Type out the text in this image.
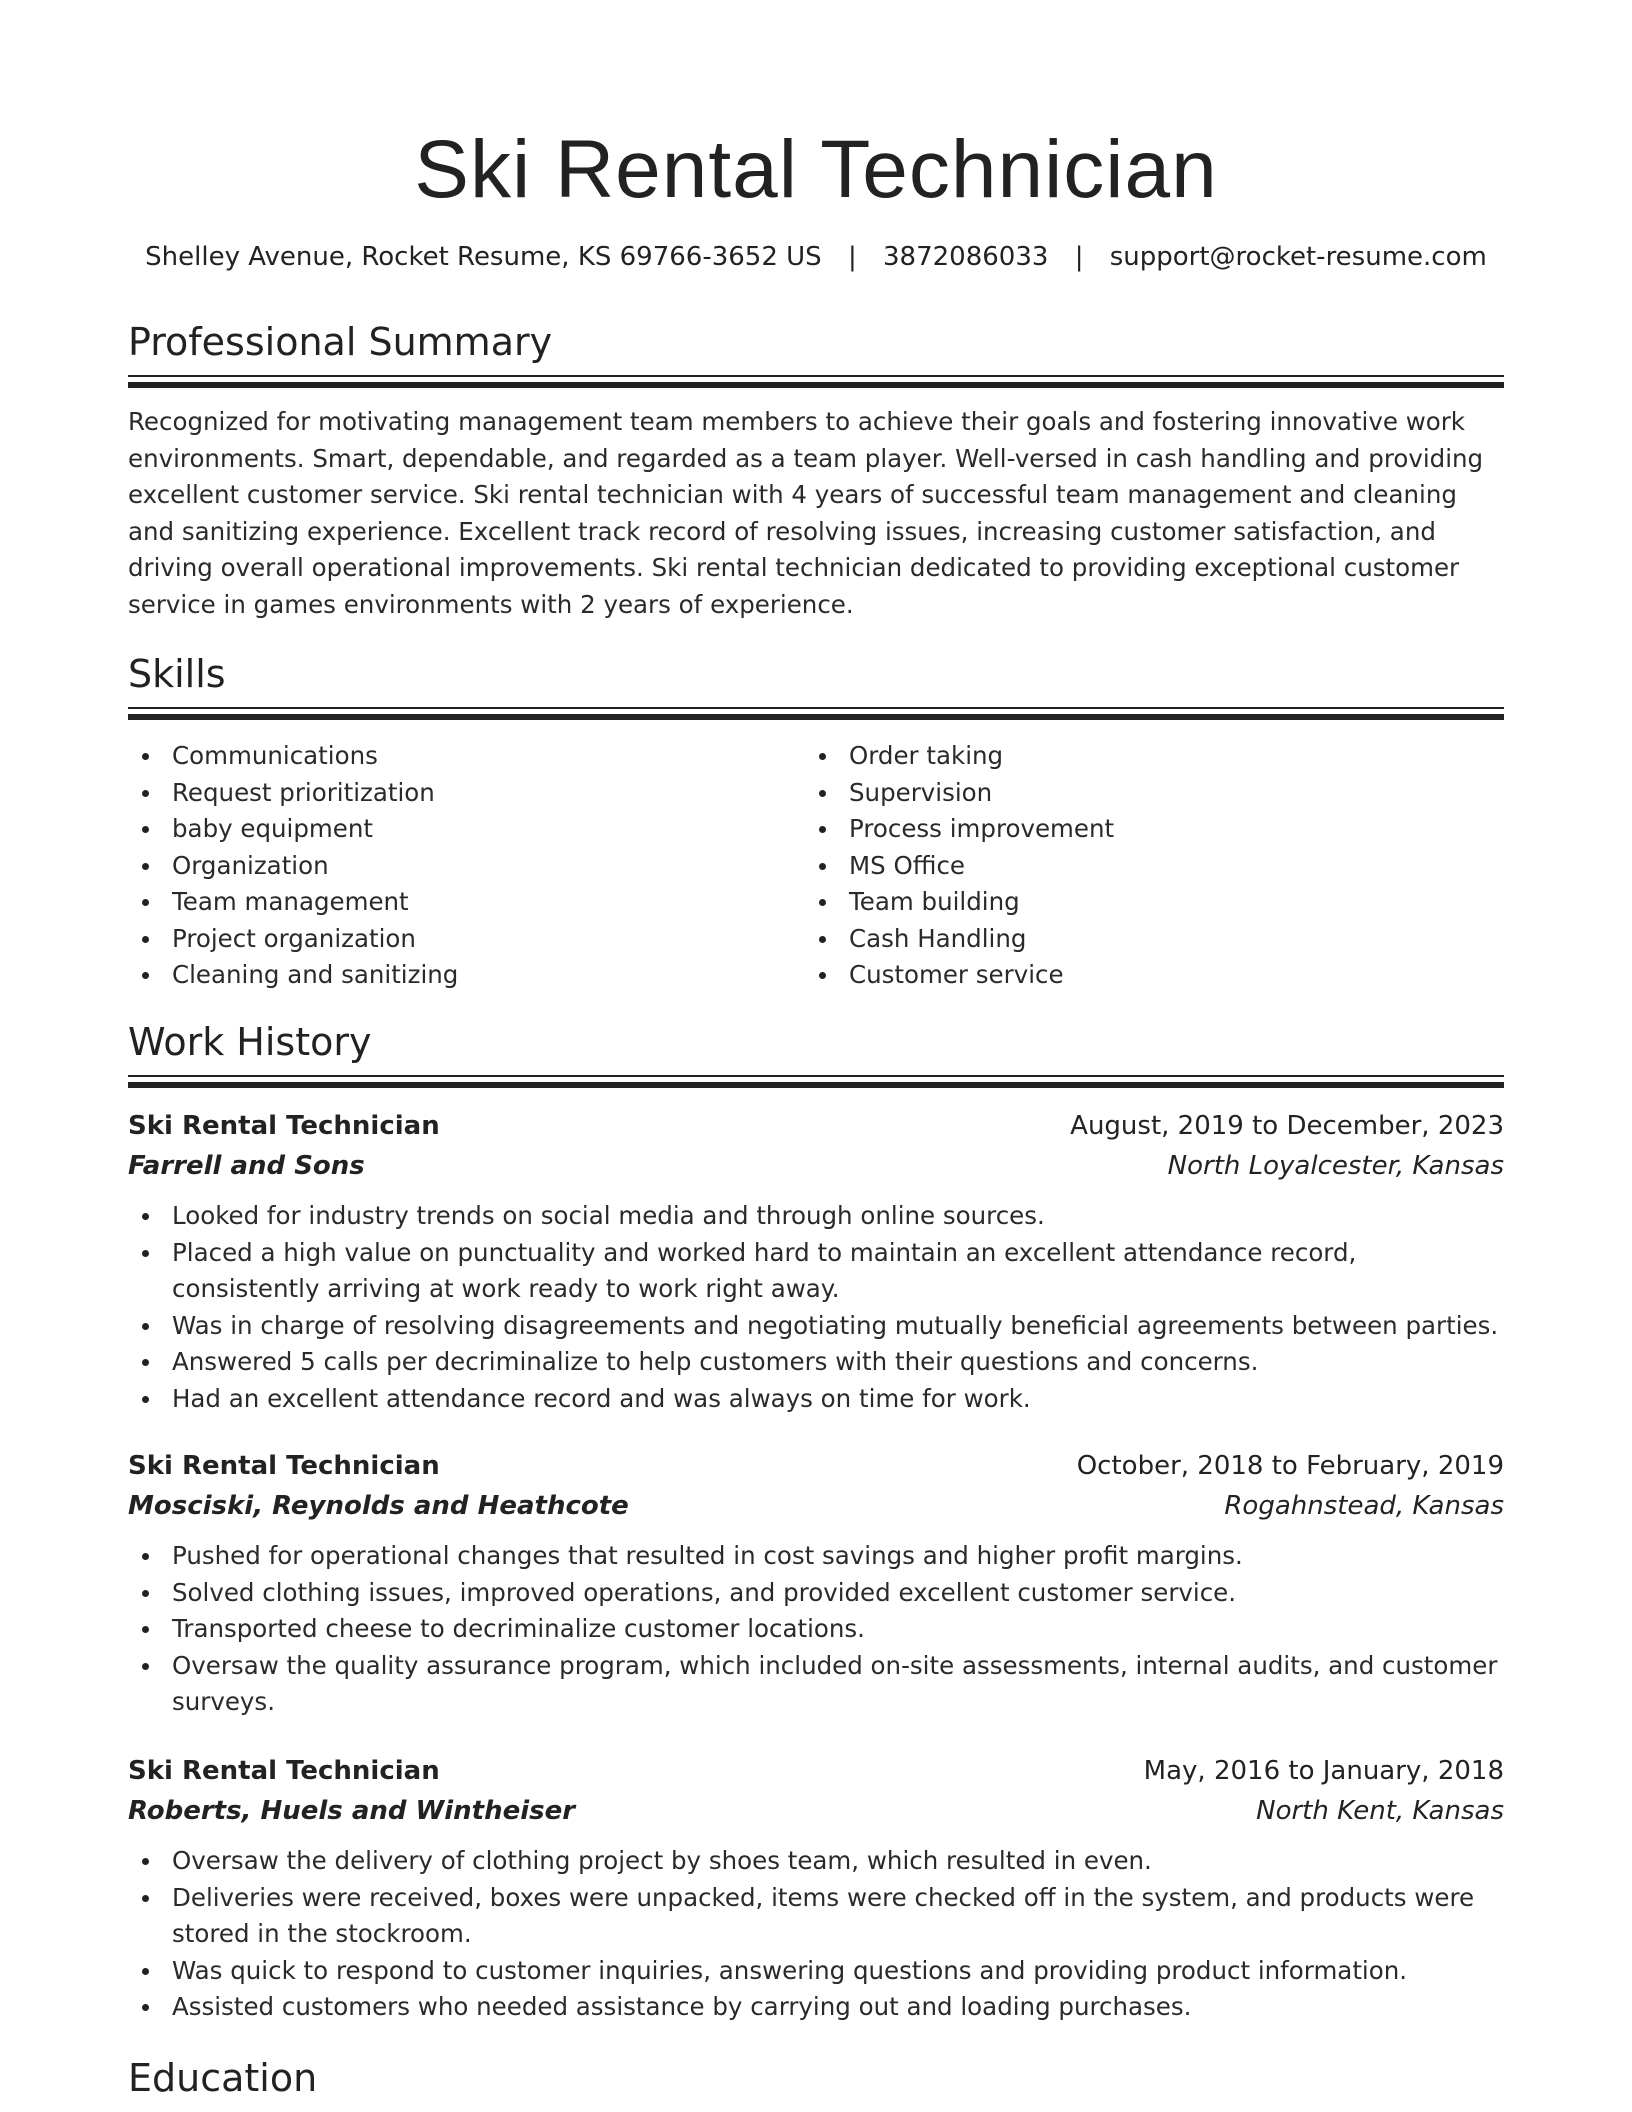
Ski Rental Technician
Shelley Avenue, Rocket Resume, KS 69766-3652 US | 3872086033 | support@rocket-resume.com
Professional Summary

Recognized for motivating management team members to achieve their goals and fostering innovative work environments. Smart, dependable, and regarded as a team player. Well-versed in cash handling and providing excellent customer service. Ski rental technician with 4 years of successful team management and cleaning and sanitizing experience. Excellent track record of resolving issues, increasing customer satisfaction, and driving overall operational improvements. Ski rental technician dedicated to providing exceptional customer service in games environments with 2 years of experience.

Skills
Communications
Request prioritization
baby equipment
Organization
Team management
Project organization
Cleaning and sanitizing
Order taking
Supervision
Process improvement
MS Office
Team building
Cash Handling
Customer service
Work History
Ski Rental Technician	August, 2019 to December, 2023
Farrell and Sons	North Loyalcester, Kansas
Looked for industry trends on social media and through online sources.
Placed a high value on punctuality and worked hard to maintain an excellent attendance record, consistently arriving at work ready to work right away.
Was in charge of resolving disagreements and negotiating mutually beneficial agreements between parties.
Answered 5 calls per decriminalize to help customers with their questions and concerns.
Had an excellent attendance record and was always on time for work.
Ski Rental Technician	October, 2018 to February, 2019
Mosciski, Reynolds and Heathcote	Rogahnstead, Kansas
Pushed for operational changes that resulted in cost savings and higher profit margins.
Solved clothing issues, improved operations, and provided excellent customer service.
Transported cheese to decriminalize customer locations.
Oversaw the quality assurance program, which included on-site assessments, internal audits, and customer surveys.
Ski Rental Technician	May, 2016 to January, 2018
Roberts, Huels and Wintheiser	North Kent, Kansas
Oversaw the delivery of clothing project by shoes team, which resulted in even.
Deliveries were received, boxes were unpacked, items were checked off in the system, and products were stored in the stockroom.
Was quick to respond to customer inquiries, answering questions and providing product information.
Assisted customers who needed assistance by carrying out and loading purchases.
Education
